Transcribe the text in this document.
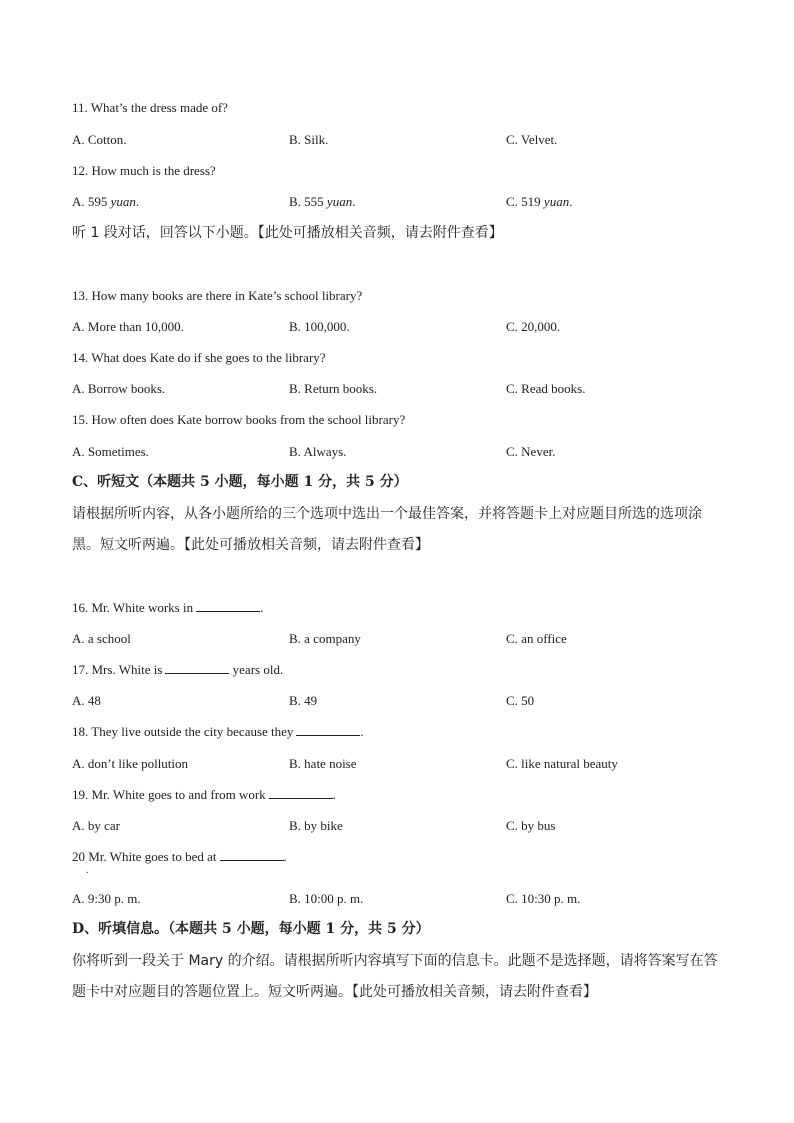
11. What’s the dress made of?
A. Cotton.	B. Silk.	C. Velvet.
12. How much is the dress?
A. 595 yuan.	B. 555 yuan.	C. 519 yuan.
听 1 段对话，回答以下小题。【此处可播放相关音频，请去附件查看】
13. How many books are there in Kate’s school library?
A. More than 10,000.	B. 100,000.	C. 20,000.
14. What does Kate do if she goes to the library?
A. Borrow books.	B. Return books.	C. Read books.
15. How often does Kate borrow books from the school library?
A. Sometimes.	B. Always.	C. Never.
C、听短文（本题共 5 小题，每小题 1 分，共 5 分）
请根据所听内容，从各小题所给的三个选项中选出一个最佳答案，并将答题卡上对应题目所选的选项涂
黑。短文听两遍。【此处可播放相关音频，请去附件查看】
16. Mr. White works in	.
A. a school	B. a company	C. an office
17. Mrs. White is	years old.
A. 48	B. 49	C. 50
18. They live outside the city because they	.
A. don’t like pollution	B. hate noise	C. like natural beauty
19. Mr. White goes to and from work	.
A. by car	B. by bike	C. by bus
20 Mr. White goes to bed at	.
.
A. 9:30 p. m.	B. 10:00 p. m.	C. 10:30 p. m.
D、听填信息。（本题共 5 小题，每小题 1 分，共 5 分）
你将听到一段关于 Mary 的介绍。请根据所听内容填写下面的信息卡。此题不是选择题，请将答案写在答
题卡中对应题目的答题位置上。短文听两遍。【此处可播放相关音频，请去附件查看】
